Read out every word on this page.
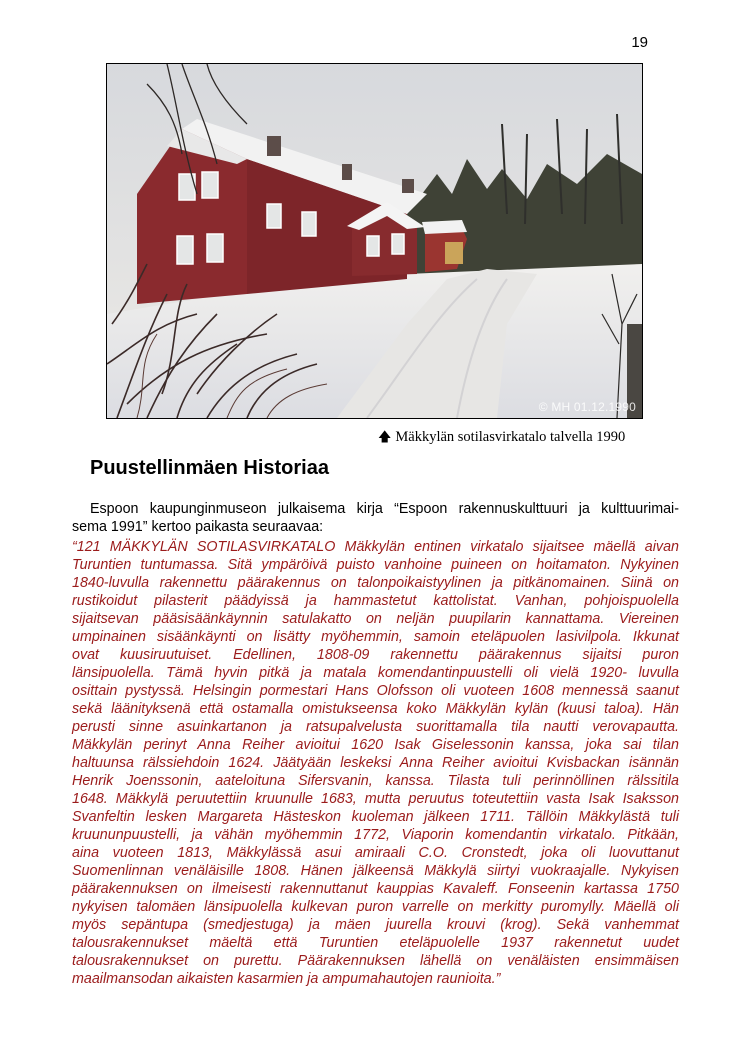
19
© MH 01.12.1990
🡅 Mäkkylän sotilasvirkatalo talvella 1990
Puustellinmäen Historiaa

Espoon kaupunginmuseon julkaisema kirja “Espoon rakennuskulttuuri ja kulttuurimai-
sema 1991” kertoo paikasta seuraavaa:

“121 MÄKKYLÄN SOTILASVIRKATALO Mäkkylän entinen virkatalo sijaitsee mäellä aivan
Turuntien tuntumassa. Sitä ympäröivä puisto vanhoine puineen on hoitamaton. Nykyinen
1840-luvulla rakennettu päärakennus on talonpoikaistyylinen ja pitkänomainen. Siinä on
rustikoidut pilasterit päädyissä ja hammastetut kattolistat. Vanhan, pohjoispuolella
sijaitsevan pääsisäänkäynnin satulakatto on neljän puupilarin kannattama. Viereinen
umpinainen sisäänkäynti on lisätty myöhemmin, samoin eteläpuolen lasivilpola. Ikkunat
ovat kuusiruutuiset. Edellinen, 1808-09 rakennettu päärakennus sijaitsi puron
länsipuolella. Tämä hyvin pitkä ja matala komendantinpuustelli oli vielä 1920- luvulla
osittain pystyssä. Helsingin pormestari Hans Olofsson oli vuoteen 1608 mennessä saanut
sekä läänityksenä että ostamalla omistukseensa koko Mäkkylän kylän (kuusi taloa). Hän
perusti sinne asuinkartanon ja ratsupalvelusta suorittamalla tila nautti verovapautta.
Mäkkylän perinyt Anna Reiher avioitui 1620 Isak Giselessonin kanssa, joka sai tilan
haltuunsa rälssiehdoin 1624. Jäätyään leskeksi Anna Reiher avioitui Kvisbackan isännän
Henrik Joenssonin, aateloituna Sifersvanin, kanssa. Tilasta tuli perinnöllinen rälssitila
1648. Mäkkylä peruutettiin kruunulle 1683, mutta peruutus toteutettiin vasta Isak Isaksson
Svanfeltin lesken Margareta Hästeskon kuoleman jälkeen 1711. Tällöin Mäkkylästä tuli
kruununpuustelli, ja vähän myöhemmin 1772, Viaporin komendantin virkatalo. Pitkään,
aina vuoteen 1813, Mäkkylässä asui amiraali C.O. Cronstedt, joka oli luovuttanut
Suomenlinnan venäläisille 1808. Hänen jälkeensä Mäkkylä siirtyi vuokraajalle. Nykyisen
päärakennuksen on ilmeisesti rakennuttanut kauppias Kavaleff. Fonseenin kartassa 1750
nykyisen talomäen länsipuolella kulkevan puron varrelle on merkitty puromylly. Mäellä oli
myös sepäntupa (smedjestuga) ja mäen juurella krouvi (krog). Sekä vanhemmat
talousrakennukset mäeltä että Turuntien eteläpuolelle 1937 rakennetut uudet
talousrakennukset on purettu. Päärakennuksen lähellä on venäläisten ensimmäisen
maailmansodan aikaisten kasarmien ja ampumahautojen raunioita.”
